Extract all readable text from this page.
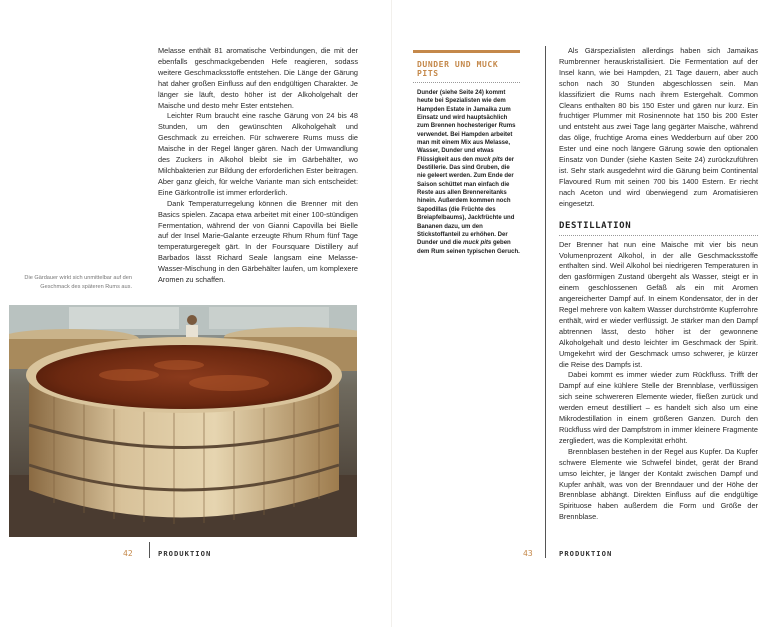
Melasse enthält 81 aromatische Verbindungen, die mit der ebenfalls geschmackgebenden Hefe reagieren, sodass weitere Geschmacksstoffe entstehen. Die Länge der Gärung hat daher großen Einfluss auf den endgültigen Charakter. Je länger sie läuft, desto höher ist der Alkoholgehalt der Maische und desto mehr Ester entstehen.

Leichter Rum braucht eine rasche Gärung von 24 bis 48 Stunden, um den gewünschten Alkoholgehalt und Geschmack zu erreichen. Für schwerere Rums muss die Maische in der Regel länger gären. Nach der Umwandlung des Zuckers in Alkohol bleibt sie im Gärbehälter, wo Milchbakterien zur Bildung der erforderlichen Ester beitragen. Aber ganz gleich, für welche Variante man sich entscheidet: Eine Gärkontrolle ist immer erforderlich.

Dank Temperaturregelung können die Brenner mit den Basics spielen. Zacapa etwa arbeitet mit einer 100-stündigen Fermentation, während der von Gianni Capovilla bei Bielle auf der Insel Marie-Galante erzeugte Rhum Rhum fünf Tage temperaturgeregelt gärt. In der Foursquare Distillery auf Barbados lässt Richard Seale langsam eine Melasse-Wasser-Mischung in den Gärbehälter laufen, um komplexere Aromen zu schaffen.

Die Gärdauer wirkt sich unmittelbar auf den Geschmack des späteren Rums aus.
42	PRODUKTION
DUNDER UND MUCK PITS
Dunder (siehe Seite 24) kommt heute bei Spezialisten wie dem Hampden Estate in Jamaika zum Einsatz und wird hauptsächlich zum Brennen hochesteriger Rums verwendet. Bei Hampden arbeitet man mit einem Mix aus Melasse, Wasser, Dunder und etwas Flüssigkeit aus den muck pits der Destillerie. Das sind Gruben, die nie geleert werden. Zum Ende der Saison schüttet man einfach die Reste aus allen Brennereitanks hinein. Außerdem kommen noch Sapodillas (die Früchte des Breiapfelbaums), Jackfrüchte und Bananen dazu, um den Stickstoffanteil zu erhöhen. Der Dunder und die muck pits geben dem Rum seinen typischen Geruch.

Als Gärspezialisten allerdings haben sich Jamaikas Rumbrenner herauskristallisiert. Die Fermentation auf der Insel kann, wie bei Hampden, 21 Tage dauern, aber auch schon nach 30 Stunden abgeschlossen sein. Man klassifiziert die Rums nach ihrem Estergehalt. Common Cleans enthalten 80 bis 150 Ester und gären nur kurz. Ein fruchtiger Plummer mit Rosinennote hat 150 bis 200 Ester und entsteht aus zwei Tage lang gegärter Maische, während das ölige, fruchtige Aroma eines Wedderburn auf über 200 Ester und eine noch längere Gärung sowie den optionalen Einsatz von Dunder (siehe Kasten Seite 24) zurückzuführen ist. Sehr stark ausgedehnt wird die Gärung beim Continental Flavoured Rum mit seinen 700 bis 1400 Estern. Er riecht nach Aceton und wird überwiegend zum Aromatisieren eingesetzt.

DESTILLATION

Der Brenner hat nun eine Maische mit vier bis neun Volumenprozent Alkohol, in der alle Geschmacksstoffe enthalten sind. Weil Alkohol bei niedrigeren Temperaturen in den gasförmigen Zustand übergeht als Wasser, steigt er in einem geschlossenen Gefäß als ein mit Aromen angereicherter Dampf auf. In einem Kondensator, der in der Regel mehrere von kaltem Wasser durchströmte Kupferrohre enthält, wird er wieder verflüssigt. Je stärker man den Dampf abtrennen lässt, desto höher ist der gewonnene Alkoholgehalt und desto leichter im Geschmack der Spirit. Umgekehrt wird der Geschmack umso schwerer, je kürzer die Reise des Dampfs ist.

Dabei kommt es immer wieder zum Rückfluss. Trifft der Dampf auf eine kühlere Stelle der Brennblase, verflüssigen sich seine schwereren Elemente wieder, fließen zurück und werden erneut destilliert – es handelt sich also um eine Mikrodestillation in einem größeren Ganzen. Durch den Rückfluss wird der Dampfstrom in immer kleinere Fragmente zergliedert, was die Komplexität erhöht.

Brennblasen bestehen in der Regel aus Kupfer. Da Kupfer schwere Elemente wie Schwefel bindet, gerät der Brand umso leichter, je länger der Kontakt zwischen Dampf und Kupfer anhält, was von der Brenndauer und der Höhe der Brennblase abhängt. Direkten Einfluss auf die endgültige Spirituose haben außerdem die Form und Größe der Brennblase.

43	PRODUKTION
